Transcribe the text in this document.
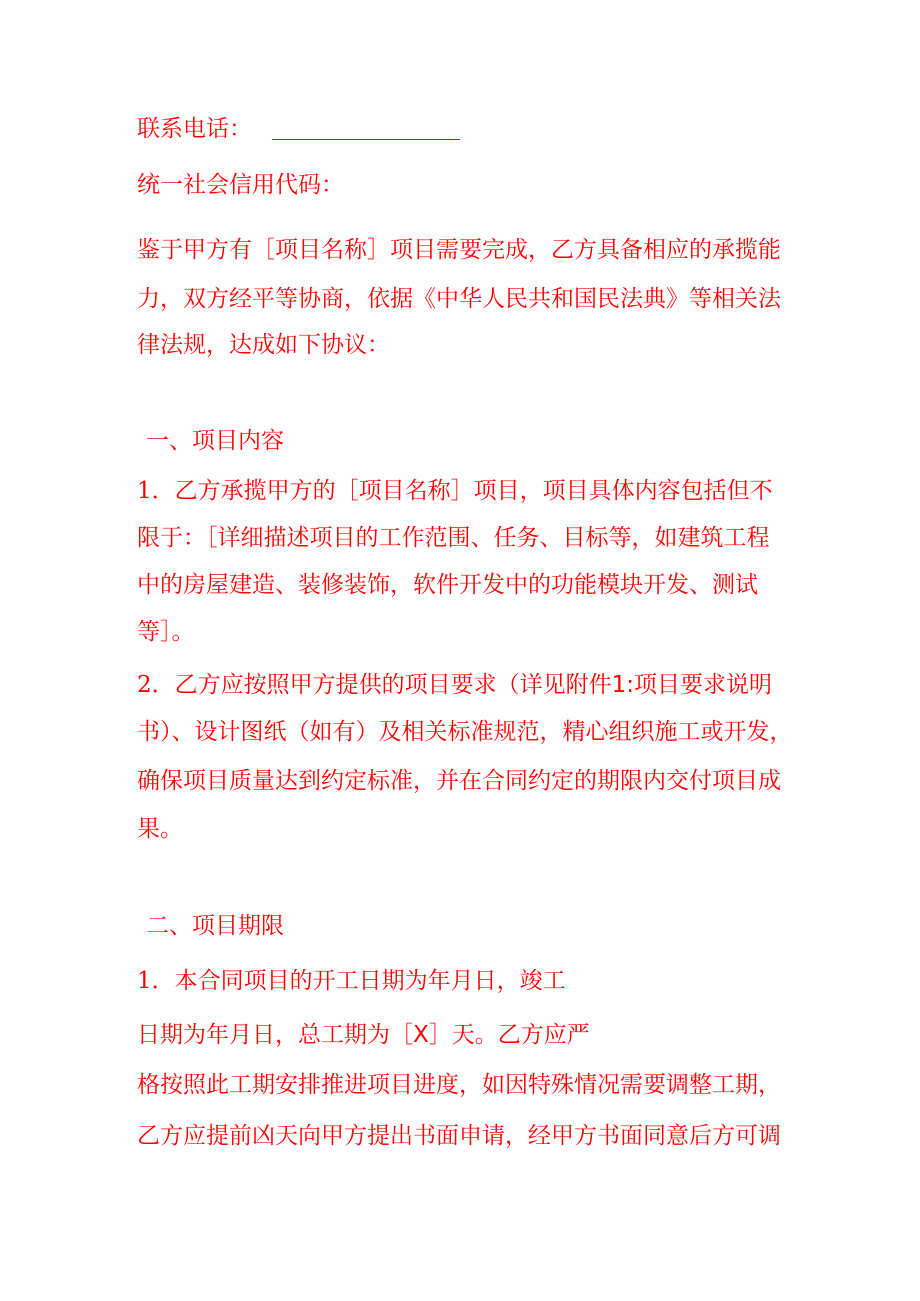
联系电话：
统一社会信用代码：
鉴于甲方有［项目名称］项目需要完成，乙方具备相应的承揽能
力，双方经平等协商，依据《中华人民共和国民法典》等相关法
律法规，达成如下协议：
一、项目内容
1．乙方承揽甲方的［项目名称］项目，项目具体内容包括但不
限于：［详细描述项目的工作范围、任务、目标等，如建筑工程
中的房屋建造、装修装饰，软件开发中的功能模块开发、测试
等］。
2．乙方应按照甲方提供的项目要求（详见附件1:项目要求说明
书）、设计图纸（如有）及相关标准规范，精心组织施工或开发，
确保项目质量达到约定标准，并在合同约定的期限内交付项目成
果。
二、项目期限
1．本合同项目的开工日期为年月日，竣工
日期为年月日，总工期为［X］天。乙方应严
格按照此工期安排推进项目进度，如因特殊情况需要调整工期，
乙方应提前凶天向甲方提出书面申请，经甲方书面同意后方可调
